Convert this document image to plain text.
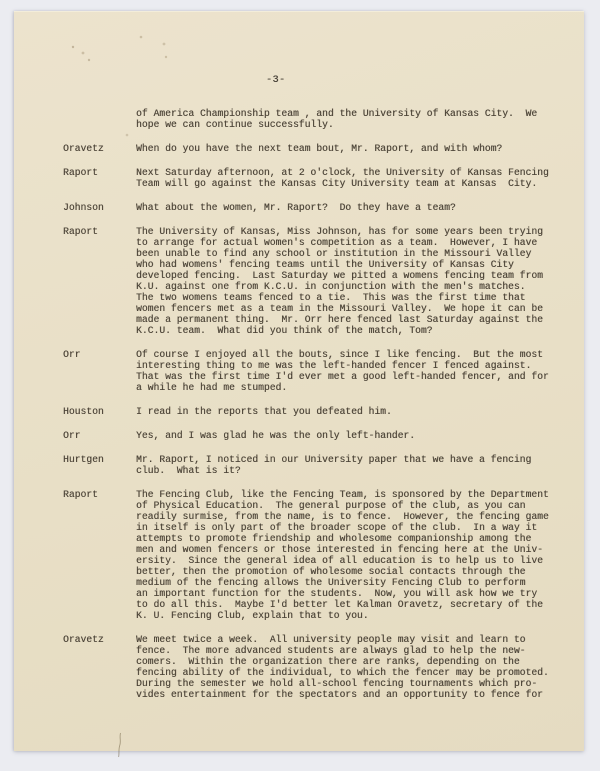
-3-
of America Championship team , and the University of Kansas City.  We
hope we can continue successfully.
Oravetz	When do you have the next team bout, Mr. Raport, and with whom?
Raport	Next Saturday afternoon, at 2 o'clock, the University of Kansas Fencing
Team will go against the Kansas City University team at Kansas  City.
Johnson	What about the women, Mr. Raport?  Do they have a team?
Raport	The University of Kansas, Miss Johnson, has for some years been trying
to arrange for actual women's competition as a team.  However, I have
been unable to find any school or institution in the Missouri Valley
who had womens' fencing teams until the University of Kansas City
developed fencing.  Last Saturday we pitted a womens fencing team from
K.U. against one from K.C.U. in conjunction with the men's matches.
The two womens teams fenced to a tie.  This was the first time that
women fencers met as a team in the Missouri Valley.  We hope it can be
made a permanent thing.  Mr. Orr here fenced last Saturday against the
K.C.U. team.  What did you think of the match, Tom?
Orr	Of course I enjoyed all the bouts, since I like fencing.  But the most
interesting thing to me was the left-handed fencer I fenced against.
That was the first time I'd ever met a good left-handed fencer, and for
a while he had me stumped.
Houston	I read in the reports that you defeated him.
Orr	Yes, and I was glad he was the only left-hander.
Hurtgen	Mr. Raport, I noticed in our University paper that we have a fencing
club.  What is it?
Raport	The Fencing Club, like the Fencing Team, is sponsored by the Department
of Physical Education.  The general purpose of the club, as you can
readily surmise, from the name, is to fence.  However, the fencing game
in itself is only part of the broader scope of the club.  In a way it
attempts to promote friendship and wholesome companionship among the
men and women fencers or those interested in fencing here at the Univ-
ersity.  Since the general idea of all education is to help us to live
better, then the promotion of wholesome social contacts through the
medium of the fencing allows the University Fencing Club to perform
an important function for the students.  Now, you will ask how we try
to do all this.  Maybe I'd better let Kalman Oravetz, secretary of the
K. U. Fencing Club, explain that to you.
Oravetz	We meet twice a week.  All university people may visit and learn to
fence.  The more advanced students are always glad to help the new-
comers.  Within the organization there are ranks, depending on the
fencing ability of the individual, to which the fencer may be promoted.
During the semester we hold all-school fencing tournaments which pro-
vides entertainment for the spectators and an opportunity to fence for
